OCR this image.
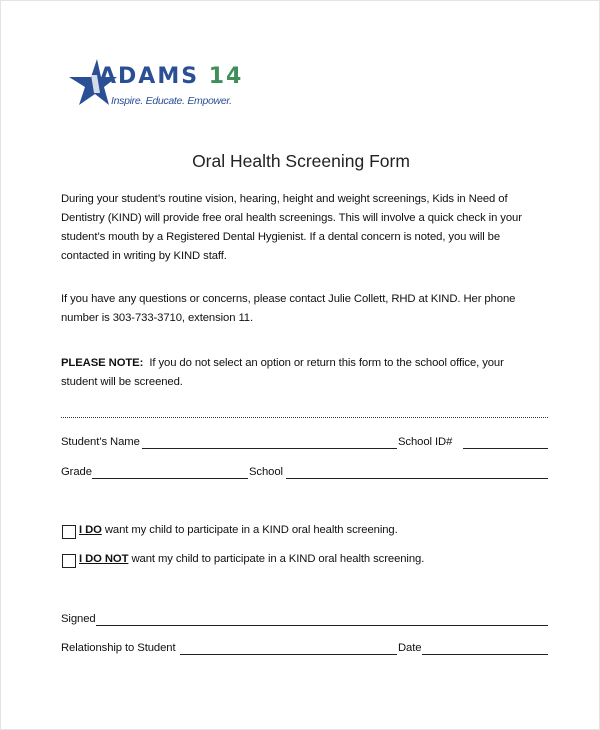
ADAMS 14
Inspire. Educate. Empower.
Oral Health Screening Form
During your student’s routine vision, hearing, height and weight screenings, Kids in Need of
Dentistry (KIND) will provide free oral health screenings. This will involve a quick check in your
student’s mouth by a Registered Dental Hygienist. If a dental concern is noted, you will be
contacted in writing by KIND staff.
If you have any questions or concerns, please contact Julie Collett, RHD at KIND. Her phone
number is 303-733-3710, extension 11.
PLEASE NOTE:  If you do not select an option or return this form to the school office, your
student will be screened.
Student’s Name	School ID#
Grade	School
I DO want my child to participate in a KIND oral health screening.
I DO NOT want my child to participate in a KIND oral health screening.
Signed
Relationship to Student	Date
